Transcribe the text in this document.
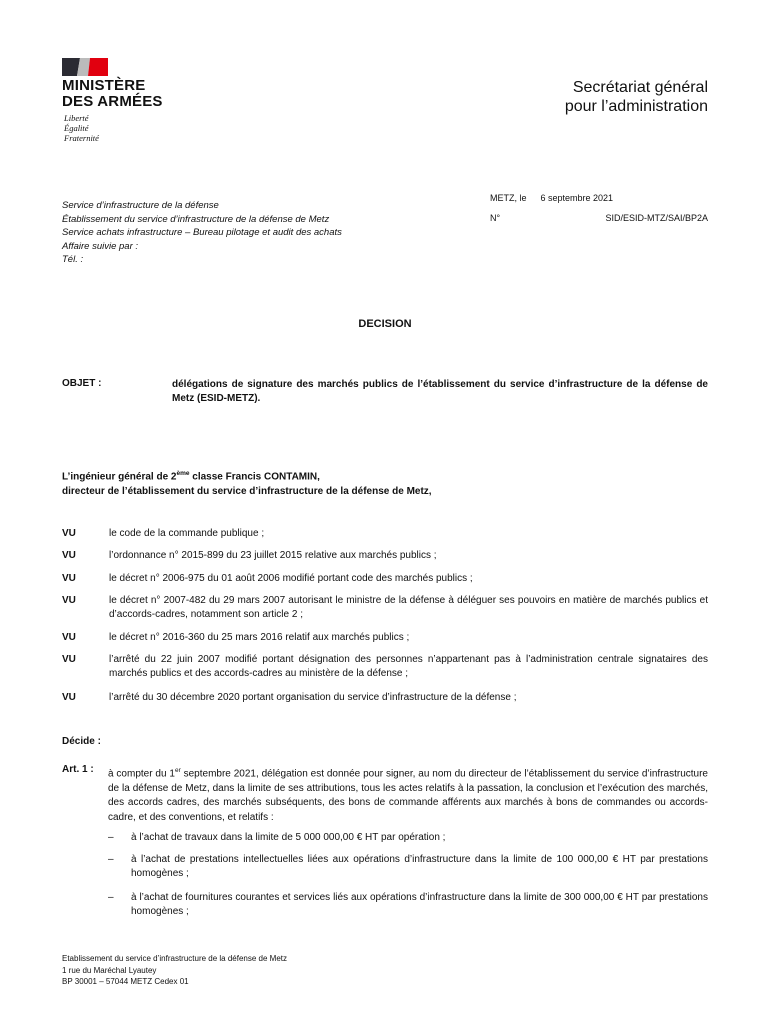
MINISTÈRE
DES ARMÉES
Liberté
Égalité
Fraternité
Secrétariat général
pour l’administration
Service d’infrastructure de la défense
Établissement du service d’infrastructure de la défense de Metz
Service achats infrastructure – Bureau pilotage et audit des achats
Affaire suivie par :
Tél. :
METZ, le 6 septembre 2021
N°	SID/ESID-MTZ/SAI/BP2A
DECISION
OBJET :	délégations de signature des marchés publics de l’établissement du service d’infrastructure de la défense de Metz (ESID-METZ).
L’ingénieur général de 2ème classe Francis CONTAMIN,
directeur de l’établissement du service d’infrastructure de la défense de Metz,
VU	le code de la commande publique ;
VU	l’ordonnance n° 2015-899 du 23 juillet 2015 relative aux marchés publics ;
VU	le décret n° 2006-975 du 01 août 2006 modifié portant code des marchés publics ;
VU	le décret n° 2007-482 du 29 mars 2007 autorisant le ministre de la défense à déléguer ses pouvoirs en matière de marchés publics et d’accords-cadres, notamment son article 2 ;
VU	le décret n° 2016-360 du 25 mars 2016 relatif aux marchés publics ;
VU	l’arrêté du 22 juin 2007 modifié portant désignation des personnes n’appartenant pas à l’administration centrale signataires des marchés publics et des accords-cadres au ministère de la défense ;
VU	l’arrêté du 30 décembre 2020 portant organisation du service d’infrastructure de la défense ;
Décide :
Art. 1 : à compter du 1er septembre 2021, délégation est donnée pour signer, au nom du directeur de l’établissement du service d’infrastructure de la défense de Metz, dans la limite de ses attributions, tous les actes relatifs à la passation, la conclusion et l’exécution des marchés, des accords cadres, des marchés subséquents, des bons de commande afférents aux marchés à bons de commandes ou accords-cadre, et des conventions, et relatifs :
–	à l’achat de travaux dans la limite de 5 000 000,00 € HT par opération ;
–	à l’achat de prestations intellectuelles liées aux opérations d’infrastructure dans la limite de 100 000,00 € HT par prestations homogènes ;
–	à l’achat de fournitures courantes et services liés aux opérations d’infrastructure dans la limite de 300 000,00 € HT par prestations homogènes ;
Etablissement du service d’infrastructure de la défense de Metz
1 rue du Maréchal Lyautey
BP 30001 – 57044 METZ Cedex 01
